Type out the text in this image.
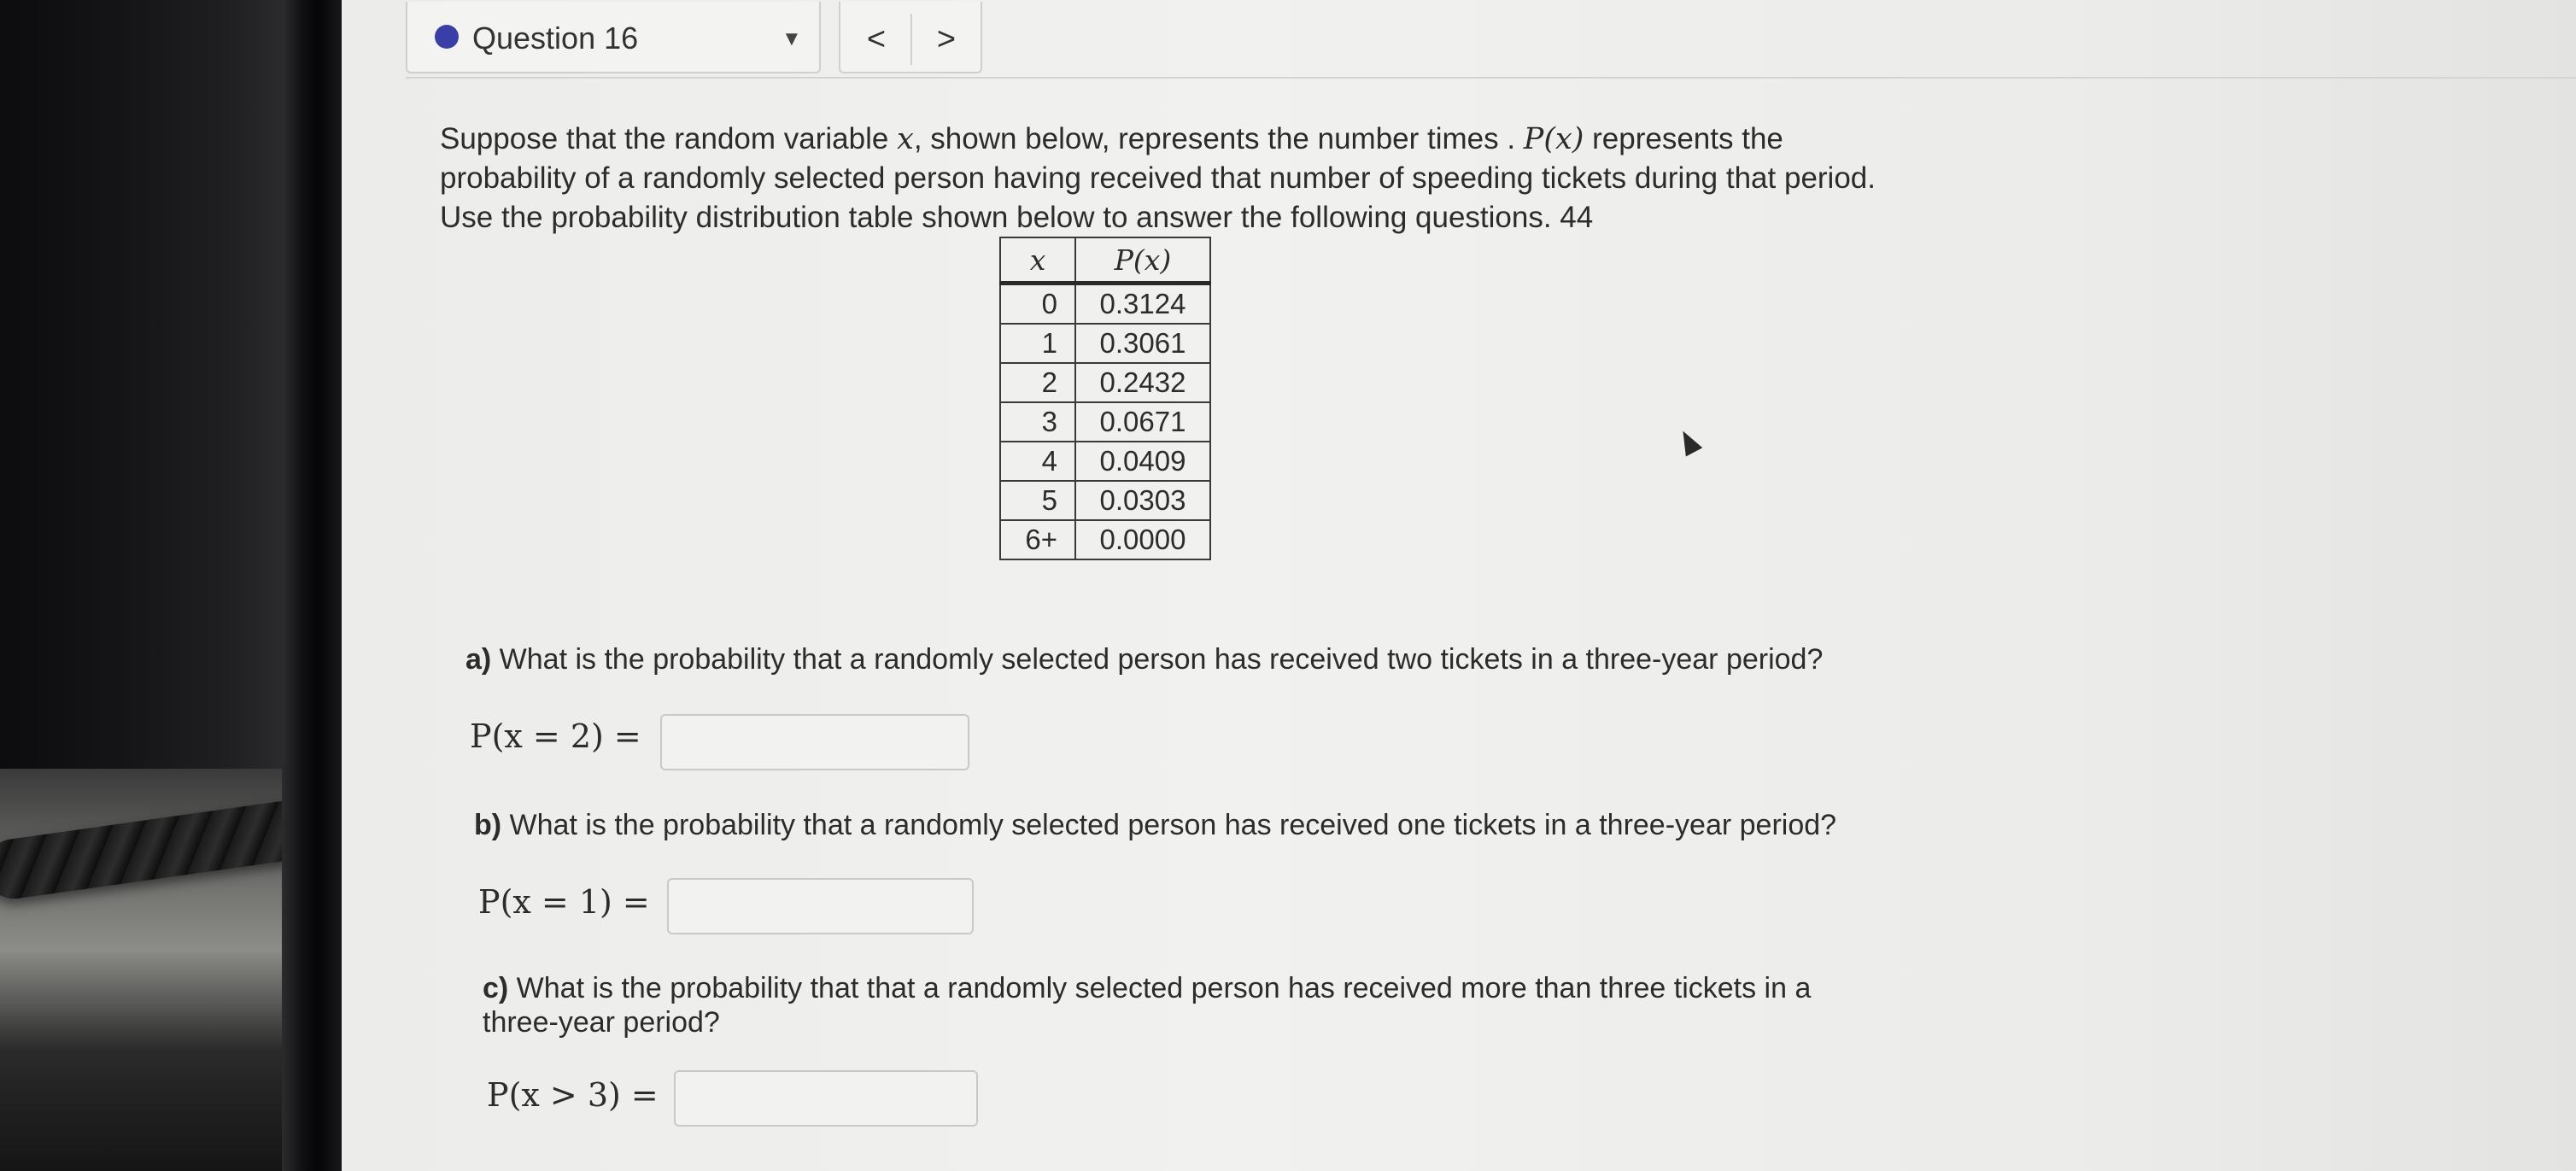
Question 16	▼	<	>
Suppose that the random variable x, shown below, represents the number times . P(x) represents the probability of a randomly selected person having received that number of speeding tickets during that period. Use the probability distribution table shown below to answer the following questions. 44
x	P(x)
0	0.3124
1	0.3061
2	0.2432
3	0.0671
4	0.0409
5	0.0303
6+	0.0000
a) What is the probability that a randomly selected person has received two tickets in a three-year period?
P(x = 2) =
b) What is the probability that a randomly selected person has received one tickets in a three-year period?
P(x = 1) =
c) What is the probability that that a randomly selected person has received more than three tickets in a three-year period?
P(x > 3) =
